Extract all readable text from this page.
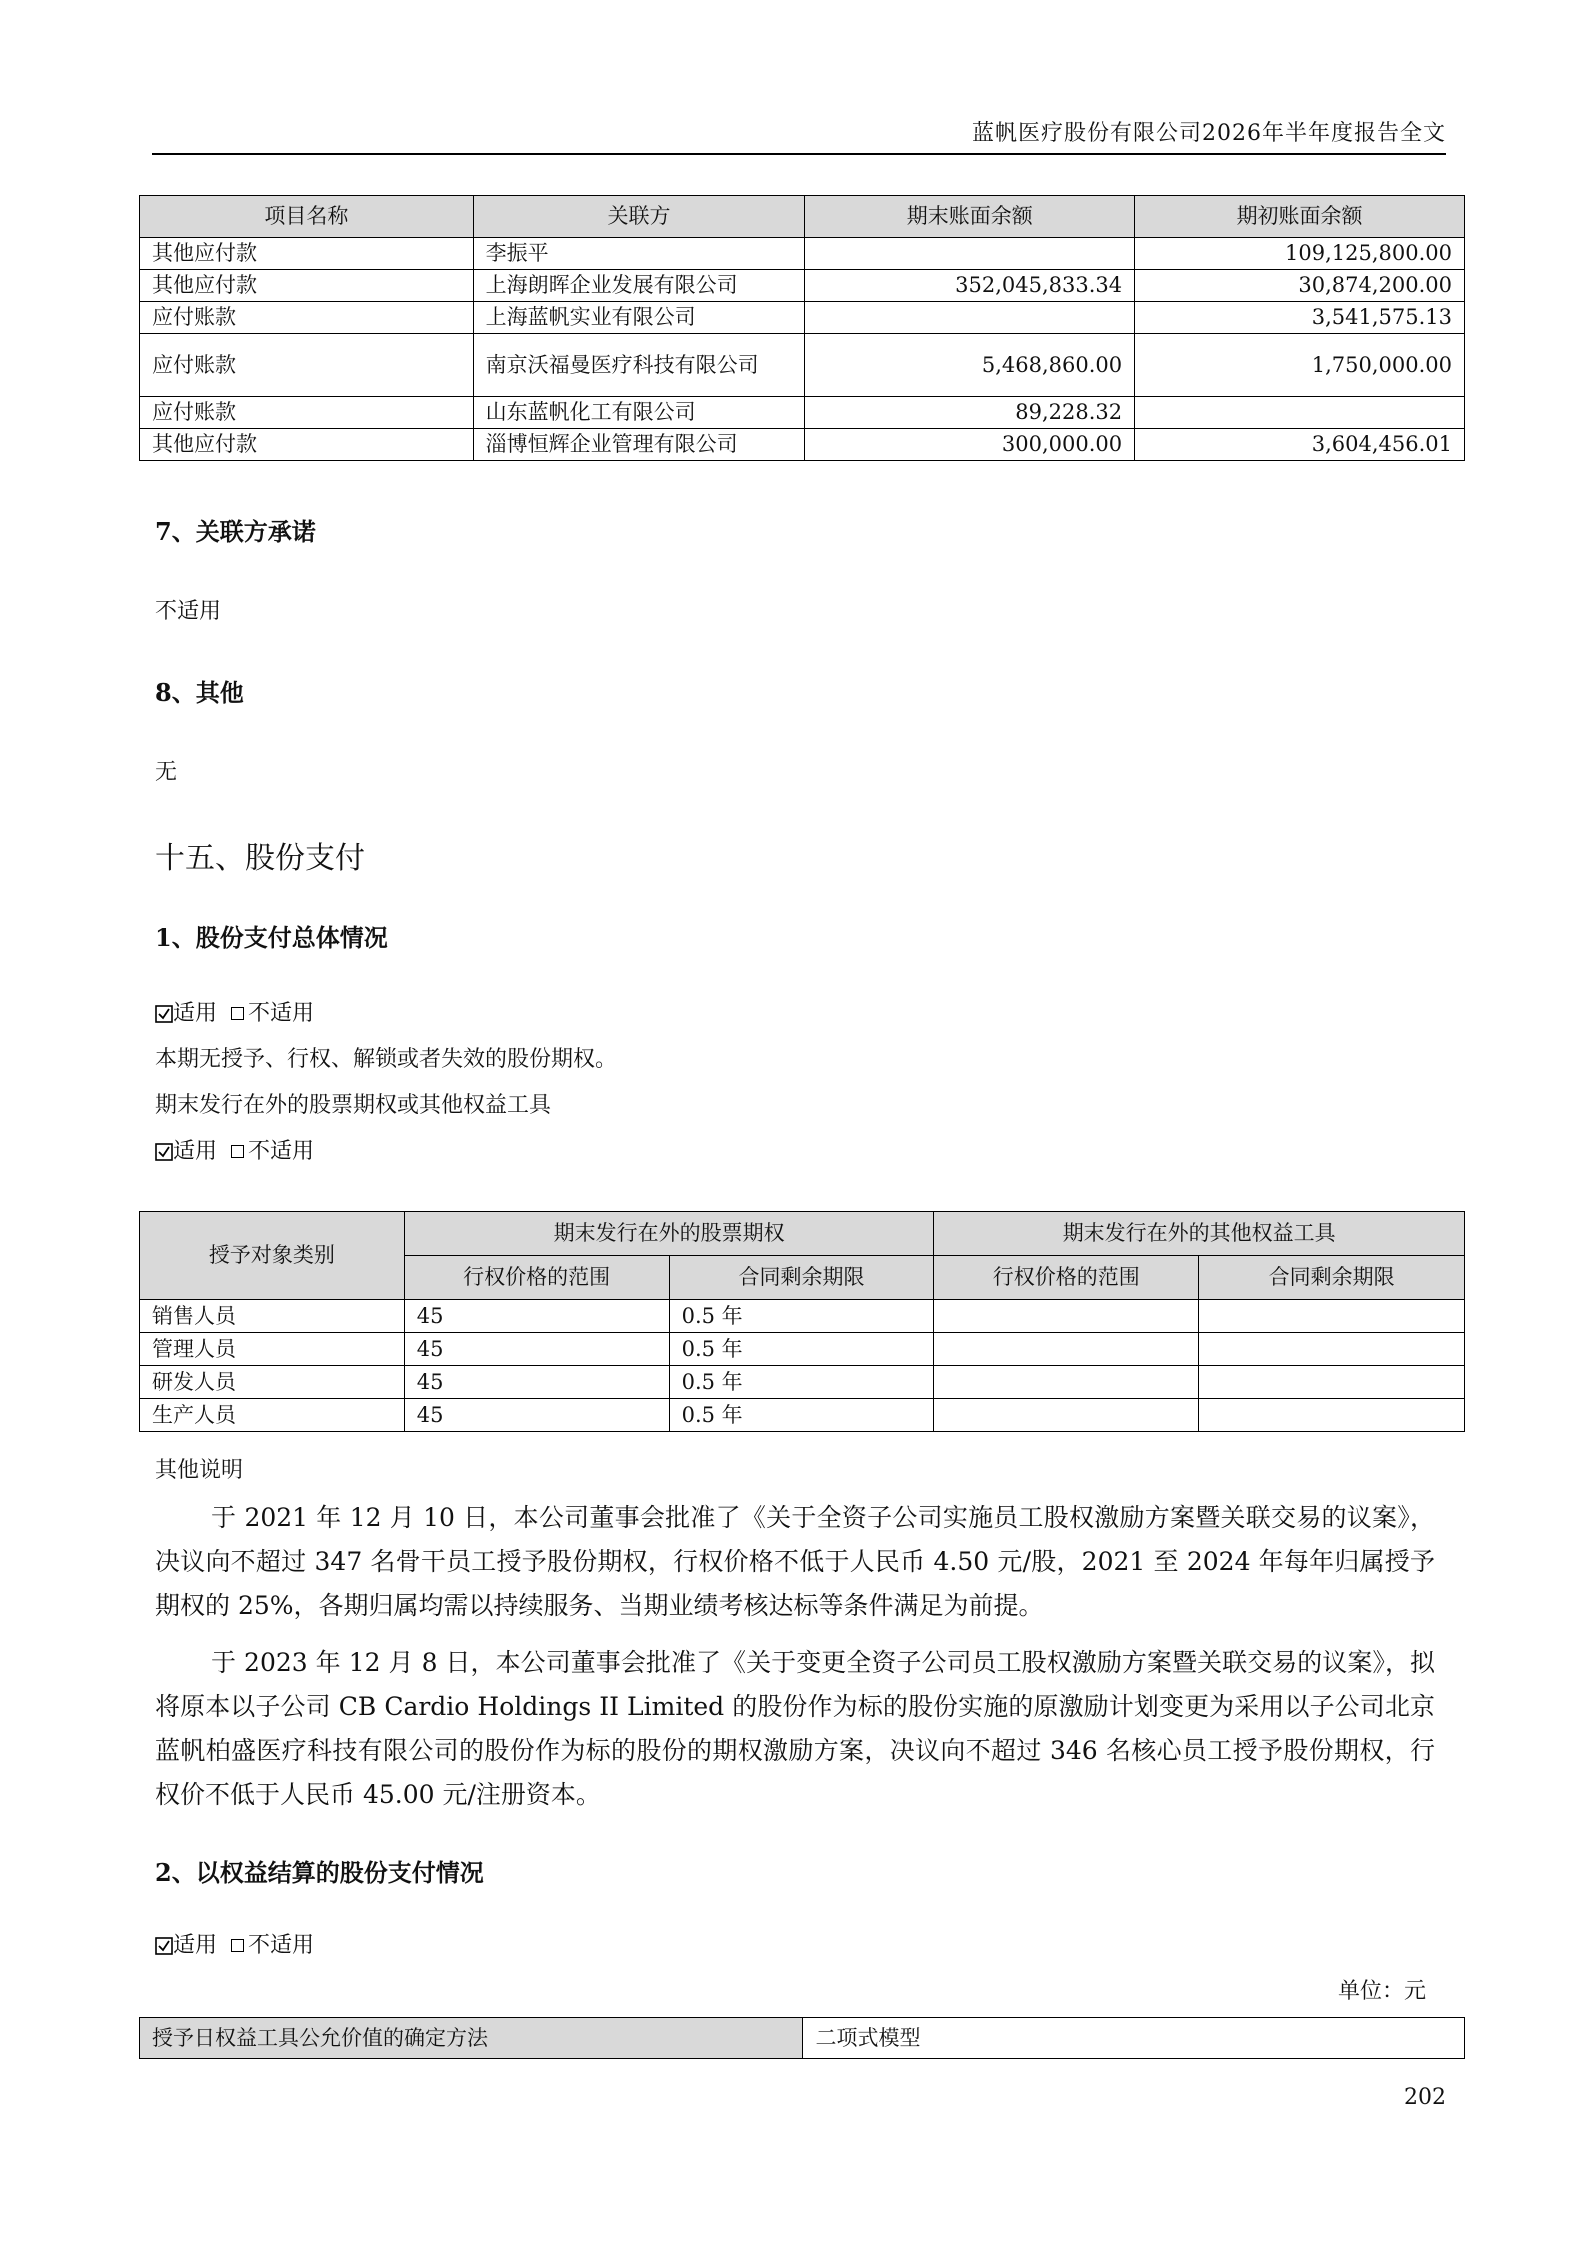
蓝帆医疗股份有限公司2026年半年度报告全文
项目名称	关联方	期末账面余额	期初账面余额
其他应付款	李振平		109,125,800.00
其他应付款	上海朗晖企业发展有限公司	352,045,833.34	30,874,200.00
应付账款	上海蓝帆实业有限公司		3,541,575.13
应付账款	南京沃福曼医疗科技有限公司	5,468,860.00	1,750,000.00
应付账款	山东蓝帆化工有限公司	89,228.32	
其他应付款	淄博恒辉企业管理有限公司	300,000.00	3,604,456.01
7、关联方承诺
不适用
8、其他
无
十五、股份支付
1、股份支付总体情况
适用 不适用
本期无授予、行权、解锁或者失效的股份期权。
期末发行在外的股票期权或其他权益工具
适用 不适用
授予对象类别	期末发行在外的股票期权		期末发行在外的其他权益工具	
	行权价格的范围	合同剩余期限	行权价格的范围	合同剩余期限
销售人员	45	0.5 年		
管理人员	45	0.5 年		
研发人员	45	0.5 年		
生产人员	45	0.5 年		
其他说明
于 2021 年 12 月 10 日，本公司董事会批准了《关于全资子公司实施员工股权激励方案暨关联交易的议案》，决议向不超过 347 名骨干员工授予股份期权，行权价格不低于人民币 4.50 元/股，2021 至 2024 年每年归属授予期权的 25%，各期归属均需以持续服务、当期业绩考核达标等条件满足为前提。
于 2023 年 12 月 8 日，本公司董事会批准了《关于变更全资子公司员工股权激励方案暨关联交易的议案》，拟将原本以子公司 CB Cardio Holdings II Limited 的股份作为标的股份实施的原激励计划变更为采用以子公司北京蓝帆柏盛医疗科技有限公司的股份作为标的股份的期权激励方案，决议向不超过 346 名核心员工授予股份期权，行权价不低于人民币 45.00 元/注册资本。
2、以权益结算的股份支付情况
适用 不适用
单位：元
授予日权益工具公允价值的确定方法	二项式模型
202
